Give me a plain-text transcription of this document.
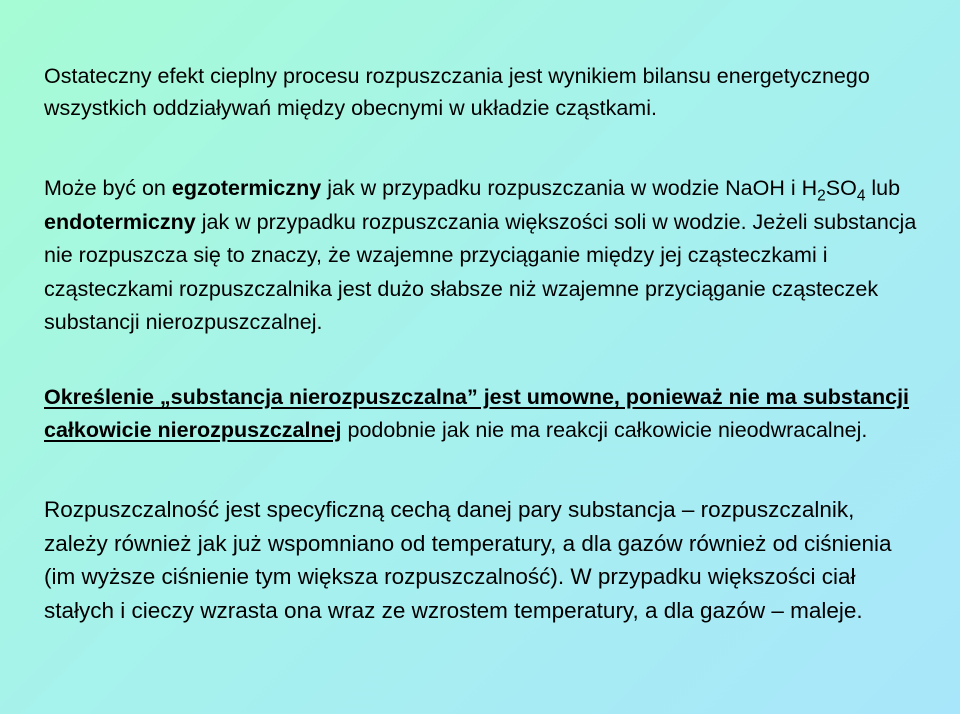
Ostateczny efekt cieplny procesu rozpuszczania jest wynikiem bilansu energetycznego wszystkich oddziaływań między obecnymi w układzie cząstkami.

Może być on egzotermiczny jak w przypadku rozpuszczania w wodzie NaOH i $H_2SO_4$ lub endotermiczny jak w przypadku rozpuszczania większości soli w wodzie. Jeżeli substancja nie rozpuszcza się to znaczy, że wzajemne przyciąganie między jej cząsteczkami i cząsteczkami rozpuszczalnika jest dużo słabsze niż wzajemne przyciąganie cząsteczek substancji nierozpuszczalnej.

Określenie „substancja nierozpuszczalna” jest umowne, ponieważ nie ma substancji całkowicie nierozpuszczalnej podobnie jak nie ma reakcji całkowicie nieodwracalnej.

Rozpuszczalność jest specyficzną cechą danej pary substancja – rozpuszczalnik, zależy również jak już wspomniano od temperatury, a dla gazów również od ciśnienia (im wyższe ciśnienie tym większa rozpuszczalność). W przypadku większości ciał stałych i cieczy wzrasta ona wraz ze wzrostem temperatury, a dla gazów – maleje.
